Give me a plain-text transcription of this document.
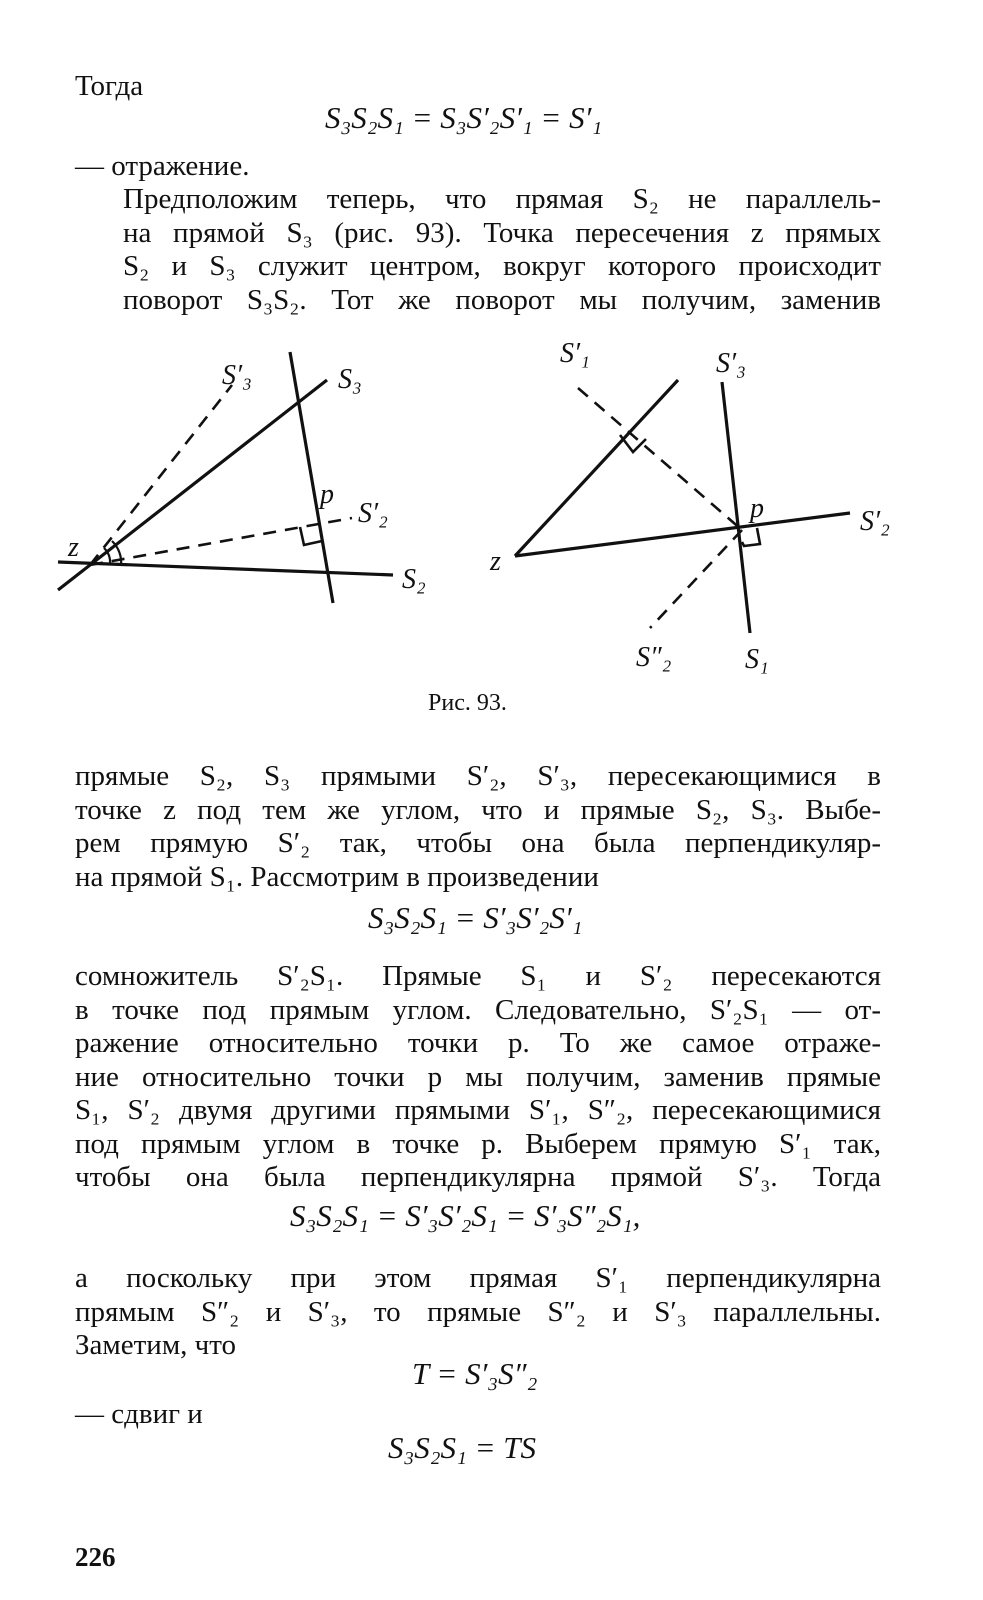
Тогда
S₃S₂S₁ = S₃S′₂S′₁ = S′₁
— отражение.
Предположим теперь, что прямая S₂ не параллель-
на прямой S₃ (рис. 93). Точка пересечения z прямых
S₂ и S₃ служит центром, вокруг которого происходит
поворот S₃S₂. Тот же поворот мы получим, заменив
S′₃	S₃
p
S′₂
z
S₂
S′₁	S′₃
p	S′₂
z
S″₂	S₁
Рис. 93.
прямые S₂, S₃ прямыми S′₂, S′₃, пересекающимися в
точке z под тем же углом, что и прямые S₂, S₃. Выбе-
рем прямую S′₂ так, чтобы она была перпендикуляр-
на прямой S₁. Рассмотрим в произведении
S₃S₂S₁ = S′₃S′₂S′₁
сомножитель S′₂S₁. Прямые S₁ и S′₂ пересекаются
в точке под прямым углом. Следовательно, S′₂S₁ — от-
ражение относительно точки p. То же самое отраже-
ние относительно точки p мы получим, заменив прямые
S₁, S′₂ двумя другими прямыми S′₁, S″₂, пересекающимися
под прямым углом в точке p. Выберем прямую S′₁ так,
чтобы она была перпендикулярна прямой S′₃. Тогда
S₃S₂S₁ = S′₃S′₂S₁ = S′₃S″₂S₁,
а поскольку при этом прямая S′₁ перпендикулярна
прямым S″₂ и S′₃, то прямые S″₂ и S′₃ параллельны.
Заметим, что
T = S′₃S″₂
— сдвиг и
S₃S₂S₁ = TS
226
